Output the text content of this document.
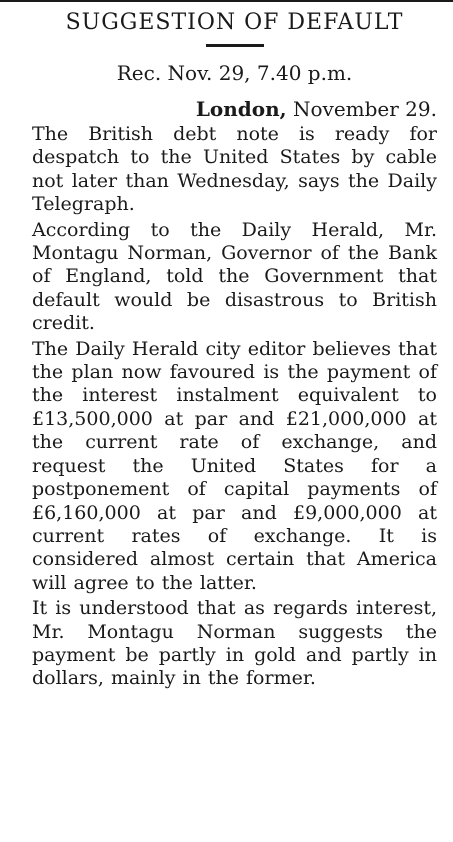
SUGGESTION OF DEFAULT

Rec. Nov. 29, 7.40 p.m.

London, November 29.

The British debt note is ready for despatch to the United States by cable not later than Wednesday, says the Daily Telegraph.

According to the Daily Herald, Mr. Montagu Norman, Governor of the Bank of England, told the Government that default would be disastrous to British credit.

The Daily Herald city editor believes that the plan now favoured is the payment of the interest instalment equivalent to £13,500,000 at par and £21,000,000 at the current rate of exchange, and request the United States for a postponement of capital payments of £6,160,000 at par and £9,000,000 at current rates of exchange. It is considered almost certain that America will agree to the latter.

It is understood that as regards interest, Mr. Montagu Norman suggests the payment be partly in gold and partly in dollars, mainly in the former.
